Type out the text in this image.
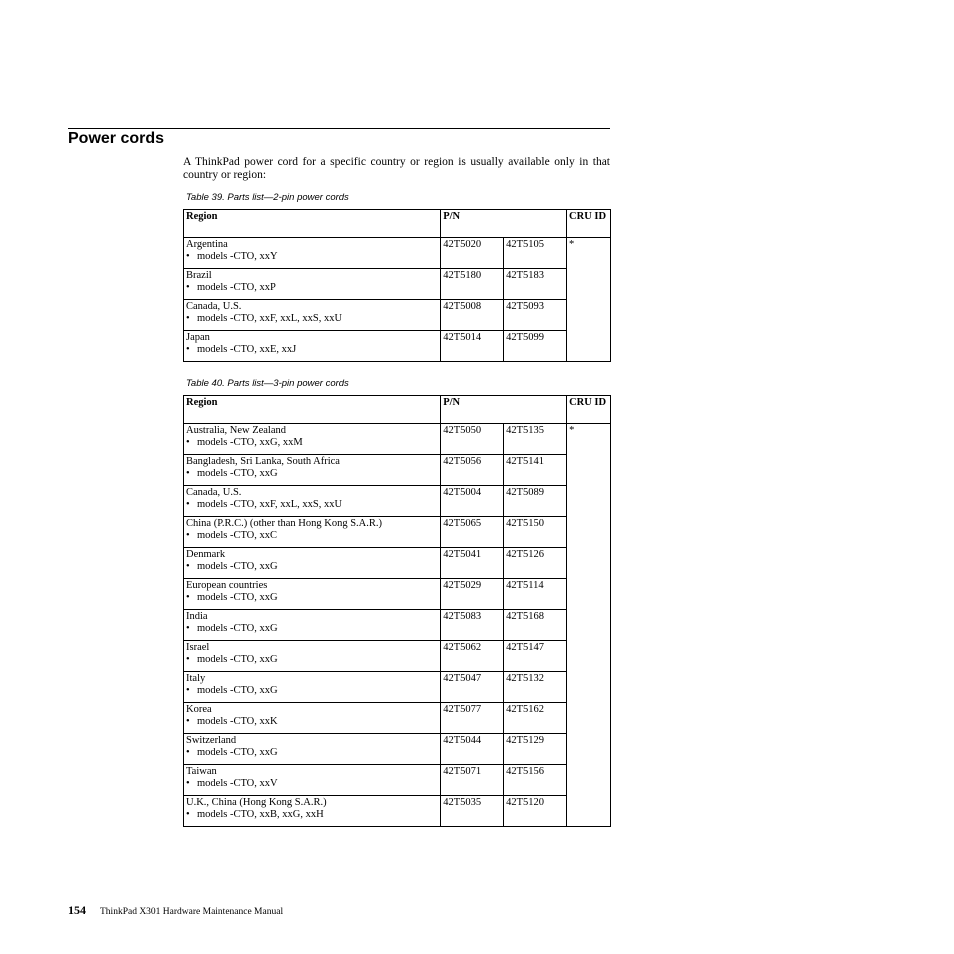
Power cords
A ThinkPad power cord for a specific country or region is usually available only in that country or region:
Table 39. Parts list—2-pin power cords
Region	P/N		CRU ID
Argentina
• models -CTO, xxY	42T5020	42T5105	*
Brazil
• models -CTO, xxP	42T5180	42T5183	
Canada, U.S.
• models -CTO, xxF, xxL, xxS, xxU	42T5008	42T5093	
Japan
• models -CTO, xxE, xxJ	42T5014	42T5099	
Table 40. Parts list—3-pin power cords
Region	P/N		CRU ID
Australia, New Zealand
• models -CTO, xxG, xxM	42T5050	42T5135	*
Bangladesh, Sri Lanka, South Africa
• models -CTO, xxG	42T5056	42T5141	
Canada, U.S.
• models -CTO, xxF, xxL, xxS, xxU	42T5004	42T5089	
China (P.R.C.) (other than Hong Kong S.A.R.)
• models -CTO, xxC	42T5065	42T5150	
Denmark
• models -CTO, xxG	42T5041	42T5126	
European countries
• models -CTO, xxG	42T5029	42T5114	
India
• models -CTO, xxG	42T5083	42T5168	
Israel
• models -CTO, xxG	42T5062	42T5147	
Italy
• models -CTO, xxG	42T5047	42T5132	
Korea
• models -CTO, xxK	42T5077	42T5162	
Switzerland
• models -CTO, xxG	42T5044	42T5129	
Taiwan
• models -CTO, xxV	42T5071	42T5156	
U.K., China (Hong Kong S.A.R.)
• models -CTO, xxB, xxG, xxH	42T5035	42T5120	
154 ThinkPad X301 Hardware Maintenance Manual
